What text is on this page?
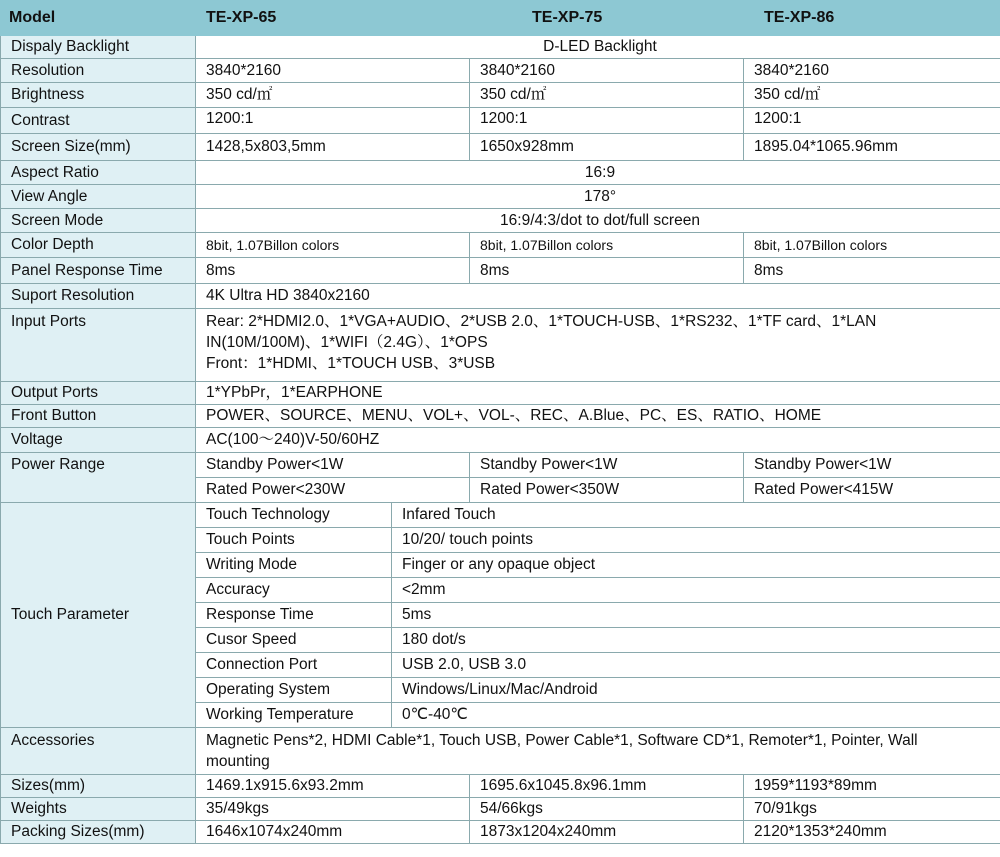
Model	TE-XP-65	TE-XP-75		TE-XP-86
Dispaly Backlight	D-LED Backlight			
Resolution	3840*2160		3840*2160	3840*2160
Brightness	350 cd/㎡		350 cd/㎡	350 cd/㎡
Contrast	1200:1		1200:1	1200:1
Screen Size(mm)	1428,5x803,5mm		1650x928mm	1895.04*1065.96mm
Aspect Ratio	16:9			
View Angle	178°			
Screen Mode	16:9/4:3/dot to dot/full screen			
Color Depth	8bit, 1.07Billon colors		8bit, 1.07Billon colors	8bit, 1.07Billon colors
Panel Response Time	8ms		8ms	8ms
Suport Resolution	4K Ultra HD 3840x2160			
Input Ports	Rear: 2*HDMI2.0、1*VGA+AUDIO、2*USB 2.0、1*TOUCH-USB、1*RS232、1*TF card、1*LAN
IN(10M/100M)、1*WIFI（2.4G）、1*OPS
Front：1*HDMI、1*TOUCH USB、3*USB			

Output Ports	1*YPbPr，1*EARPHONE			
Front Button	POWER、SOURCE、MENU、VOL+、VOL-、REC、A.Blue、PC、ES、RATIO、HOME			
Voltage	AC(100～240)V-50/60HZ			
Power Range	Standby Power<1W		Standby Power<1W	Standby Power<1W
	Rated Power<230W		Rated Power<350W	Rated Power<415W
Touch Parameter	Touch Technology	Infared Touch		
	Touch Points	10/20/ touch points		
	Writing Mode	Finger or any opaque object		
	Accuracy	<2mm		
	Response Time	5ms		
	Cusor Speed	180 dot/s		
	Connection Port	USB 2.0, USB 3.0		
	Operating System	Windows/Linux/Mac/Android		
	Working Temperature	0℃-40℃		
Accessories	Magnetic Pens*2, HDMI Cable*1, Touch USB, Power Cable*1, Software CD*1, Remoter*1, Pointer, Wall
mounting			

Sizes(mm)	1469.1x915.6x93.2mm		1695.6x1045.8x96.1mm	1959*1193*89mm
Weights	35/49kgs		54/66kgs	70/91kgs
Packing Sizes(mm)	1646x1074x240mm		1873x1204x240mm	2120*1353*240mm
